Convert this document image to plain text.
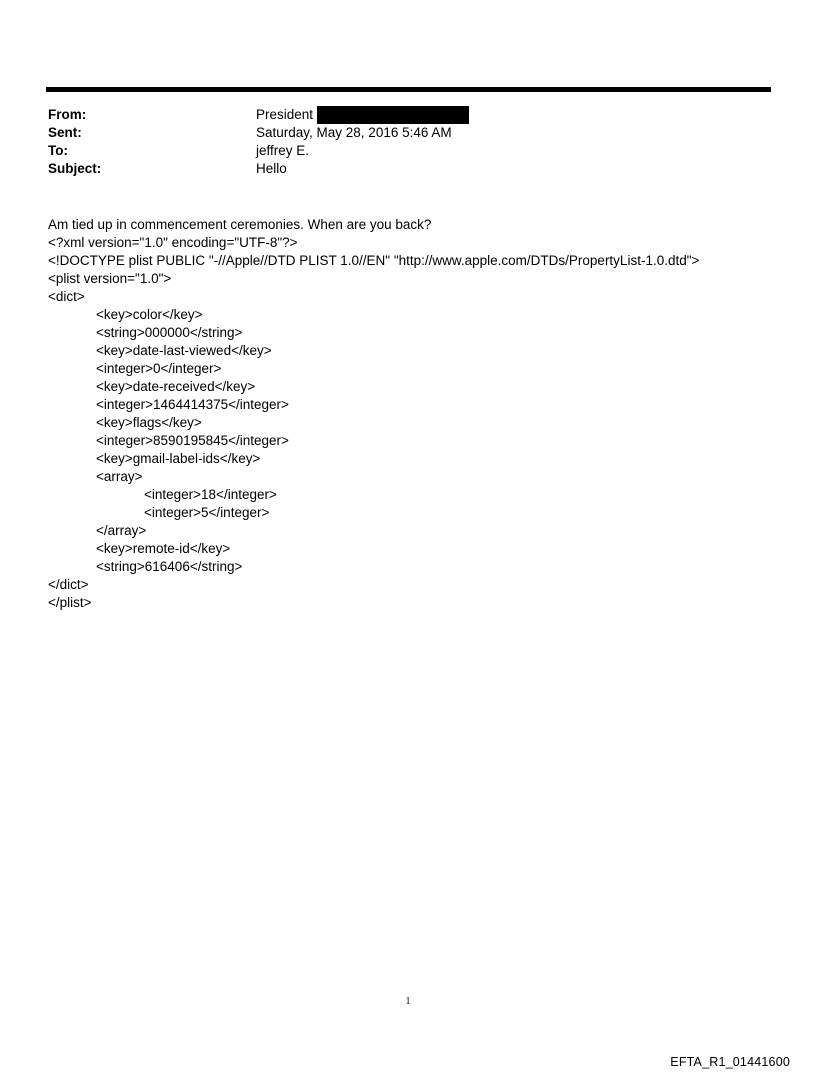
From:	President
Sent:	Saturday, May 28, 2016 5:46 AM
To:	jeffrey E.
Subject:	Hello
Am tied up in commencement ceremonies. When are you back?
<?xml version="1.0" encoding="UTF-8"?>
<!DOCTYPE plist PUBLIC "-//Apple//DTD PLIST 1.0//EN" "http://www.apple.com/DTDs/PropertyList-1.0.dtd">
<plist version="1.0">
<dict>
<key>color</key>
<string>000000</string>
<key>date-last-viewed</key>
<integer>0</integer>
<key>date-received</key>
<integer>1464414375</integer>
<key>flags</key>
<integer>8590195845</integer>
<key>gmail-label-ids</key>
<array>
<integer>18</integer>
<integer>5</integer>
</array>
<key>remote-id</key>
<string>616406</string>
</dict>
</plist>
1
EFTA_R1_01441600
